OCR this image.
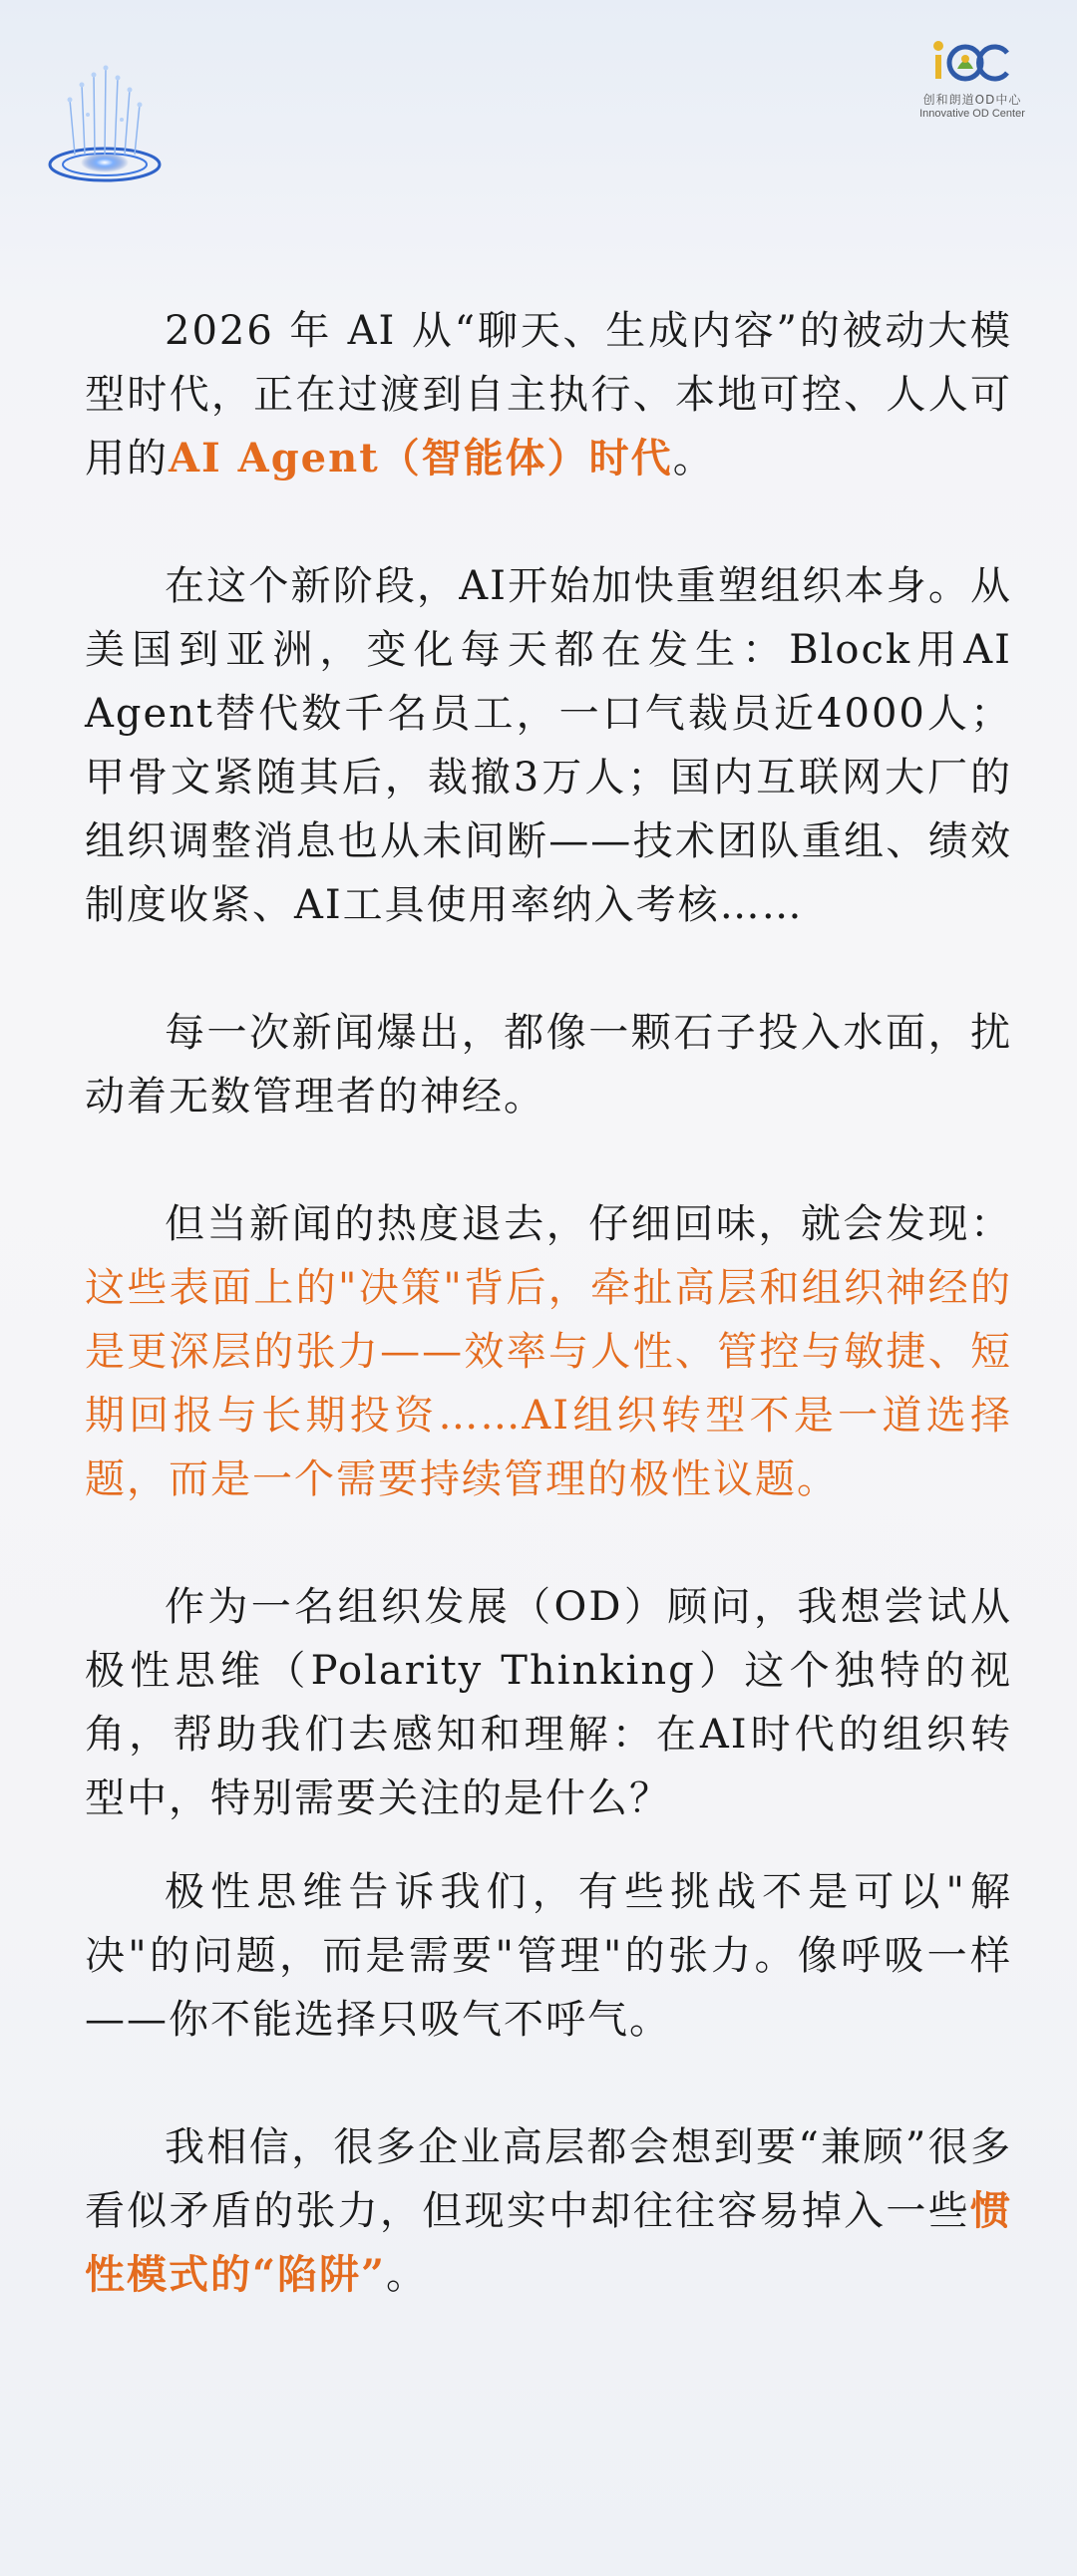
创和朗道OD中心
Innovative OD Center

2026 年 AI 从“聊天、生成内容”的被动大模型时代，正在过渡到自主执行、本地可控、人人可用的AI Agent（智能体）时代。

在这个新阶段，AI开始加快重塑组织本身。从美国到亚洲，变化每天都在发生：Block用AI Agent替代数千名员工，一口气裁员近4000人；甲骨文紧随其后，裁撤3万人；国内互联网大厂的组织调整消息也从未间断——技术团队重组、绩效制度收紧、AI工具使用率纳入考核……

每一次新闻爆出，都像一颗石子投入水面，扰动着无数管理者的神经。

但当新闻的热度退去，仔细回味，就会发现：这些表面上的"决策"背后，牵扯高层和组织神经的是更深层的张力——效率与人性、管控与敏捷、短期回报与长期投资……AI组织转型不是一道选择题，而是一个需要持续管理的极性议题。

作为一名组织发展（OD）顾问，我想尝试从极性思维（Polarity Thinking）这个独特的视角，帮助我们去感知和理解：在AI时代的组织转型中，特别需要关注的是什么？

极性思维告诉我们，有些挑战不是可以"解决"的问题，而是需要"管理"的张力。像呼吸一样——你不能选择只吸气不呼气。

我相信，很多企业高层都会想到要“兼顾”很多看似矛盾的张力，但现实中却往往容易掉入一些惯性模式的“陷阱”。
